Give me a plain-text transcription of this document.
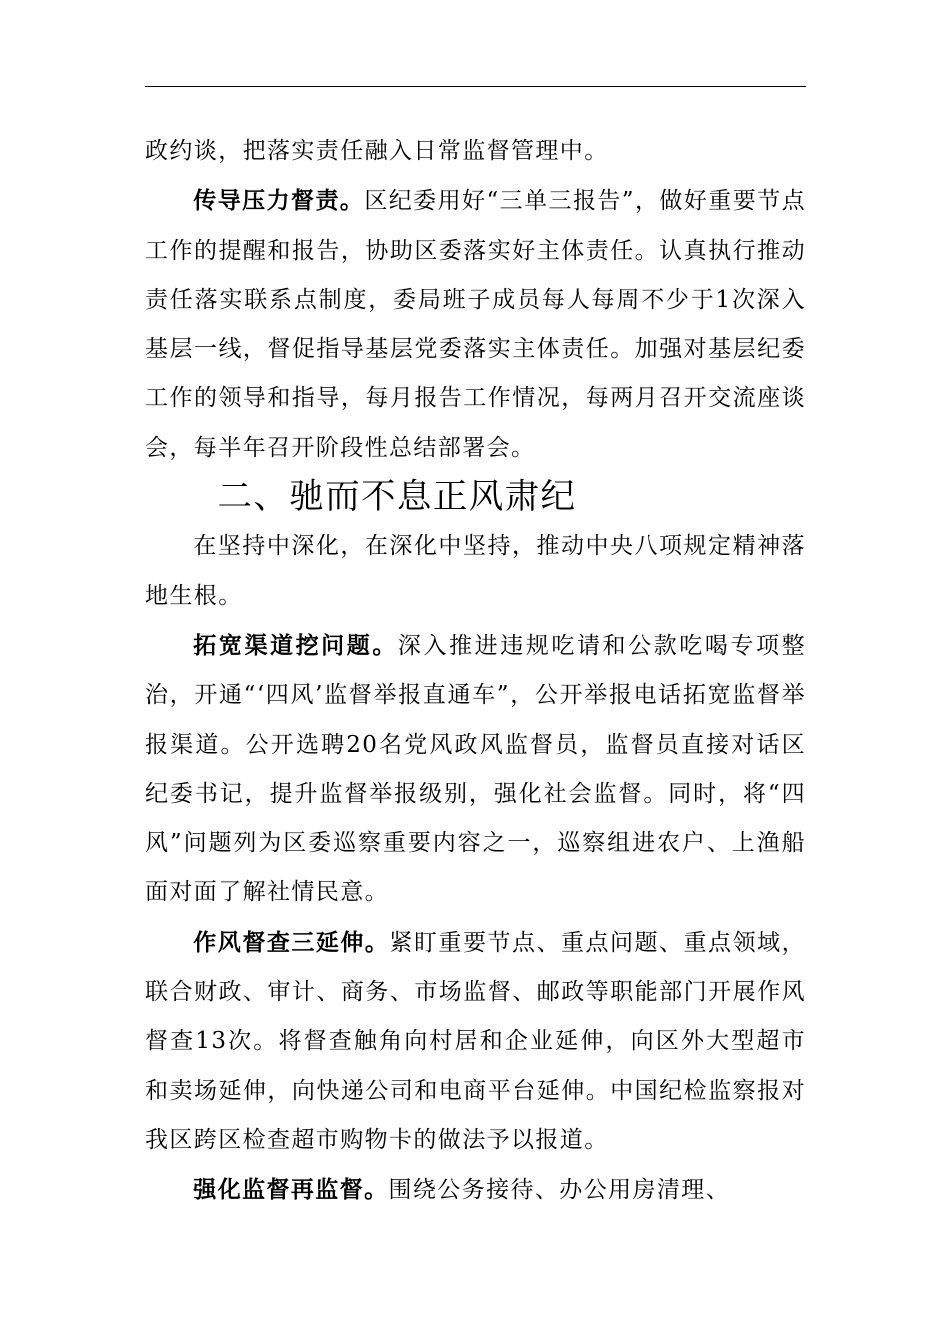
政约谈，把落实责任融入日常监督管理中。

传导压力督责。区纪委用好“三单三报告”，做好重要节点工作的提醒和报告，协助区委落实好主体责任。认真执行推动责任落实联系点制度，委局班子成员每人每周不少于1次深入基层一线，督促指导基层党委落实主体责任。加强对基层纪委工作的领导和指导，每月报告工作情况，每两月召开交流座谈会，每半年召开阶段性总结部署会。

二、驰而不息正风肃纪

在坚持中深化，在深化中坚持，推动中央八项规定精神落地生根。

拓宽渠道挖问题。深入推进违规吃请和公款吃喝专项整治，开通“‘四风’监督举报直通车”，公开举报电话拓宽监督举报渠道。公开选聘20名党风政风监督员，监督员直接对话区纪委书记，提升监督举报级别，强化社会监督。同时，将“四风”问题列为区委巡察重要内容之一，巡察组进农户、上渔船面对面了解社情民意。

作风督查三延伸。紧盯重要节点、重点问题、重点领域，联合财政、审计、商务、市场监督、邮政等职能部门开展作风督查13次。将督查触角向村居和企业延伸，向区外大型超市和卖场延伸，向快递公司和电商平台延伸。中国纪检监察报对我区跨区检查超市购物卡的做法予以报道。

强化监督再监督。围绕公务接待、办公用房清理、
